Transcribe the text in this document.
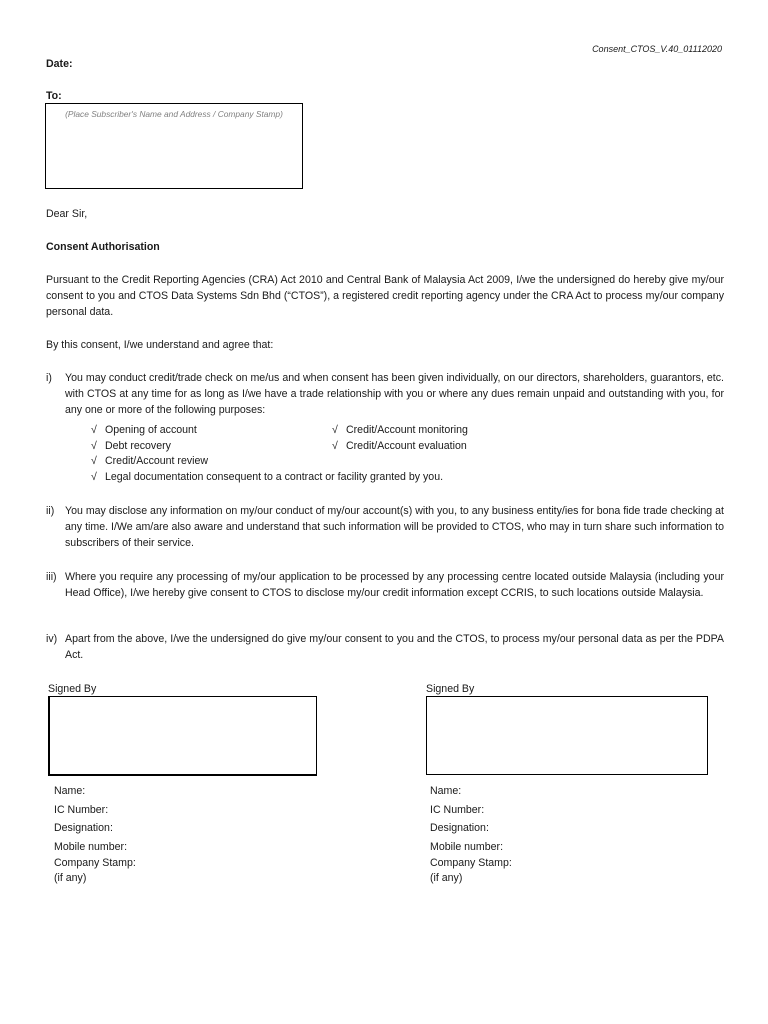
Consent_CTOS_V.40_01112020
Date:
To:
(Place Subscriber's Name and Address / Company Stamp)
Dear Sir,
Consent Authorisation
Pursuant to the Credit Reporting Agencies (CRA) Act 2010 and Central Bank of Malaysia Act 2009, I/we the undersigned do hereby give my/our consent to you and CTOS Data Systems Sdn Bhd (“CTOS”), a registered credit reporting agency under the CRA Act to process my/our company personal data.
By this consent, I/we understand and agree that:
i) You may conduct credit/trade check on me/us and when consent has been given individually, on our directors, shareholders, guarantors, etc. with CTOS at any time for as long as I/we have a trade relationship with you or where any dues remain unpaid and outstanding with you, for any one or more of the following purposes:
√ Opening of account
√ Debt recovery
√ Credit/Account review
√ Legal documentation consequent to a contract or facility granted by you.
√ Credit/Account monitoring
√ Credit/Account evaluation
ii) You may disclose any information on my/our conduct of my/our account(s) with you, to any business entity/ies for bona fide trade checking at any time. I/We am/are also aware and understand that such information will be provided to CTOS, who may in turn share such information to subscribers of their service.
iii) Where you require any processing of my/our application to be processed by any processing centre located outside Malaysia (including your Head Office), I/we hereby give consent to CTOS to disclose my/our credit information except CCRIS, to such locations outside Malaysia.
iv) Apart from the above, I/we the undersigned do give my/our consent to you and the CTOS, to process my/our personal data as per the PDPA Act.
Signed By	Signed By
Name:
IC Number:
Designation:
Mobile number:
Company Stamp:
(if any)
Name:
IC Number:
Designation:
Mobile number:
Company Stamp:
(if any)
